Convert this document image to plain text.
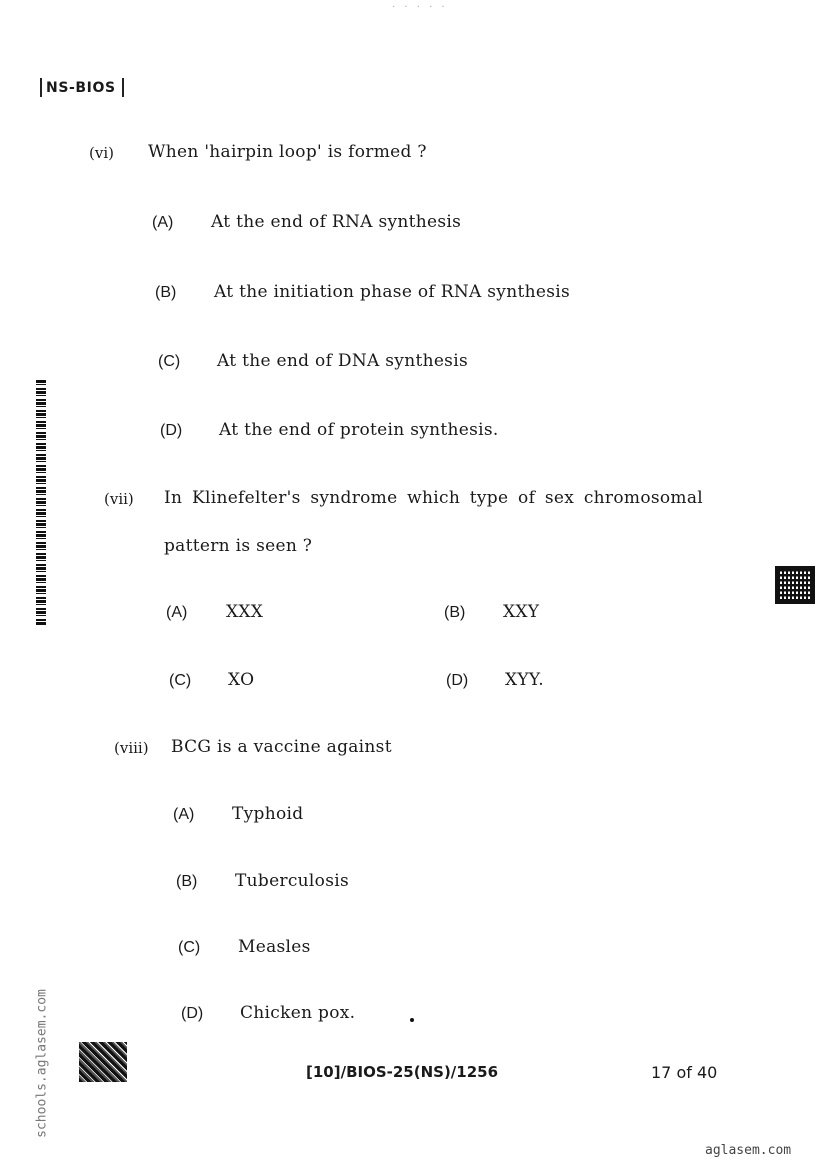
· · · · ·
NS-BIOS
(vi) When 'hairpin loop' is formed ?
(A) At the end of RNA synthesis
(B) At the initiation phase of RNA synthesis
(C) At the end of DNA synthesis
(D) At the end of protein synthesis.
(vii) In Klinefelter's syndrome which type of sex chromosomal
pattern is seen ?
(A) XXX	(B) XXY
(C) XO	(D) XYY.
(viii) BCG is a vaccine against
(A) Typhoid
(B) Tuberculosis
(C) Measles
(D) Chicken pox.
[10]/BIOS-25(NS)/1256	17 of 40
schools.aglasem.com
aglasem.com
